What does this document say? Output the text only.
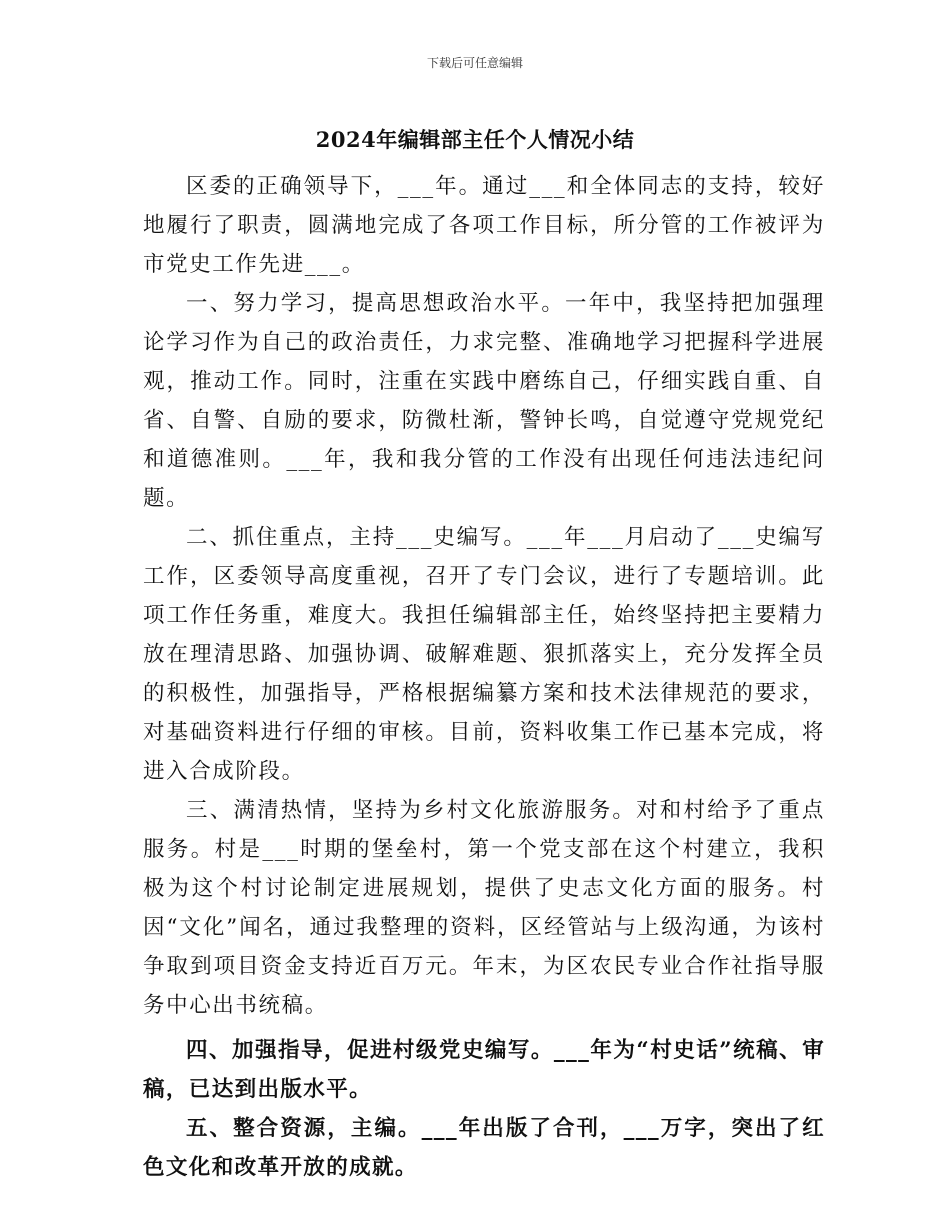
下载后可任意编辑
2024年编辑部主任个人情况小结

区委的正确领导下，___年。通过___和全体同志的支持，较好地履行了职责，圆满地完成了各项工作目标，所分管的工作被评为市党史工作先进___。

一、努力学习，提高思想政治水平。一年中，我坚持把加强理论学习作为自己的政治责任，力求完整、准确地学习把握科学进展观，推动工作。同时，注重在实践中磨练自己，仔细实践自重、自省、自警、自励的要求，防微杜渐，警钟长鸣，自觉遵守党规党纪和道德准则。___年，我和我分管的工作没有出现任何违法违纪问题。

二、抓住重点，主持___史编写。___年___月启动了___史编写工作，区委领导高度重视，召开了专门会议，进行了专题培训。此项工作任务重，难度大。我担任编辑部主任，始终坚持把主要精力放在理清思路、加强协调、破解难题、狠抓落实上，充分发挥全员的积极性，加强指导，严格根据编纂方案和技术法律规范的要求，对基础资料进行仔细的审核。目前，资料收集工作已基本完成，将进入合成阶段。

三、满清热情，坚持为乡村文化旅游服务。对和村给予了重点服务。村是___时期的堡垒村，第一个党支部在这个村建立，我积极为这个村讨论制定进展规划，提供了史志文化方面的服务。村因“文化”闻名，通过我整理的资料，区经管站与上级沟通，为该村争取到项目资金支持近百万元。年末，为区农民专业合作社指导服务中心出书统稿。

四、加强指导，促进村级党史编写。___年为“村史话”统稿、审稿，已达到出版水平。

五、整合资源，主编。___年出版了合刊，___万字，突出了红色文化和改革开放的成就。
